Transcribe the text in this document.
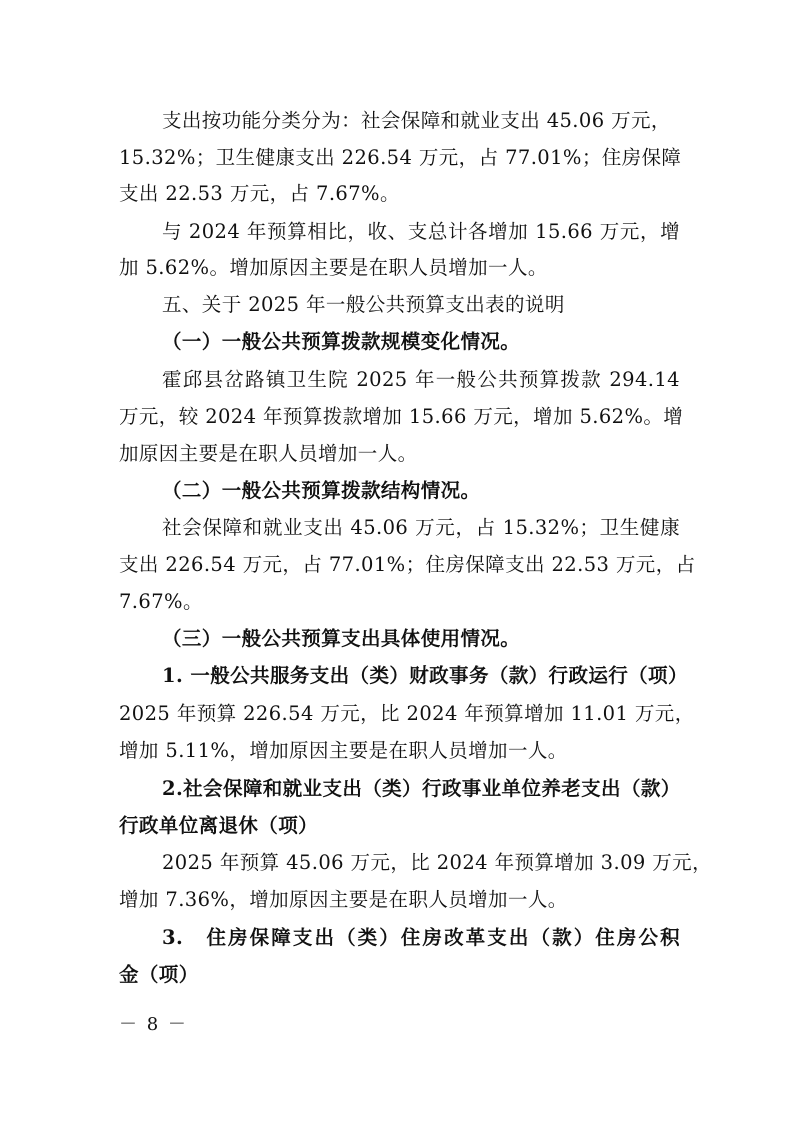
支出按功能分类分为：社会保障和就业支出 45.06 万元，
15.32%；卫生健康支出 226.54 万元，占 77.01%；住房保障
支出 22.53 万元，占 7.67%。
与 2024 年预算相比，收、支总计各增加 15.66 万元，增
加 5.62%。增加原因主要是在职人员增加一人。
五、关于 2025 年一般公共预算支出表的说明
（一）一般公共预算拨款规模变化情况。
霍邱县岔路镇卫生院 2025 年一般公共预算拨款 294.14
万元，较 2024 年预算拨款增加 15.66 万元，增加 5.62%。增
加原因主要是在职人员增加一人。
（二）一般公共预算拨款结构情况。
社会保障和就业支出 45.06 万元，占 15.32%；卫生健康
支出 226.54 万元，占 77.01%；住房保障支出 22.53 万元，占
7.67%。
（三）一般公共预算支出具体使用情况。
1. 一般公共服务支出（类）财政事务（款）行政运行（项）
2025 年预算 226.54 万元，比 2024 年预算增加 11.01 万元，
增加 5.11%，增加原因主要是在职人员增加一人。
2.社会保障和就业支出（类）行政事业单位养老支出（款）
行政单位离退休（项）
2025 年预算 45.06 万元，比 2024 年预算增加 3.09 万元，
增加 7.36%，增加原因主要是在职人员增加一人。
3.　住房保障支出（类）住房改革支出（款）住房公积
金（项）
－ 8 －
